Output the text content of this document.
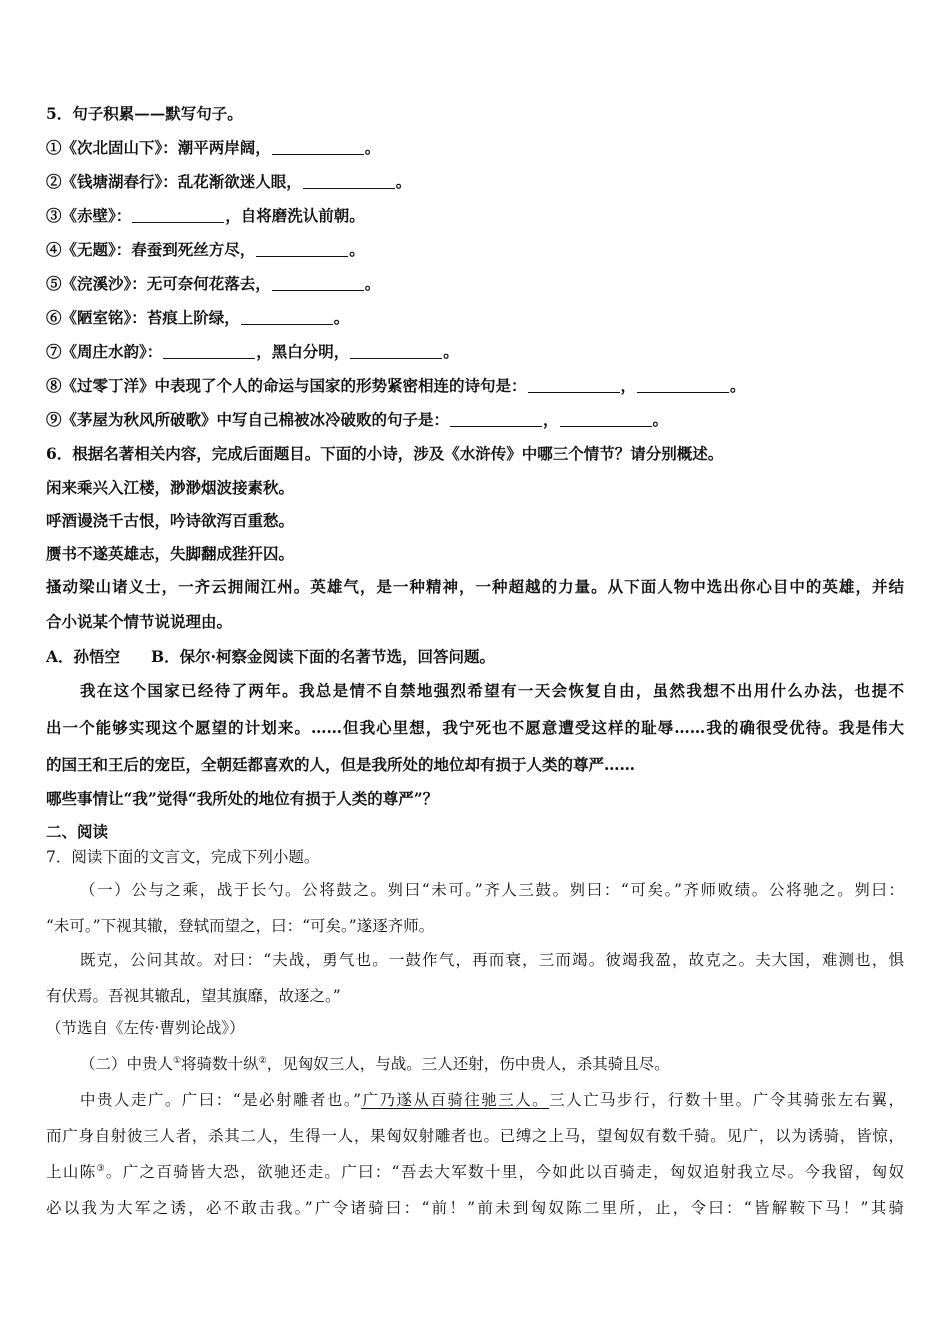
5．句子积累——默写句子。
①《次北固山下》：潮平两岸阔，	。
②《钱塘湖春行》：乱花渐欲迷人眼，	。
③《赤壁》：	，自将磨洗认前朝。
④《无题》：春蚕到死丝方尽，	。
⑤《浣溪沙》：无可奈何花落去，	。
⑥《陋室铭》：苔痕上阶绿，	。
⑦《周庄水韵》：	，黑白分明，	。
⑧《过零丁洋》中表现了个人的命运与国家的形势紧密相连的诗句是：	，	。
⑨《茅屋为秋风所破歌》中写自己棉被冰冷破败的句子是：	，	。
6．根据名著相关内容，完成后面题目。下面的小诗，涉及《水浒传》中哪三个情节？请分别概述。
闲来乘兴入江楼，渺渺烟波接素秋。
呼酒谩浇千古恨，吟诗欲泻百重愁。
赝书不遂英雄志，失脚翻成狴犴囚。
搔动梁山诸义士，一齐云拥闹江州。英雄气，是一种精神，一种超越的力量。从下面人物中选出你心目中的英雄，并结
合小说某个情节说说理由。
A．孙悟空　　B．保尔·柯察金阅读下面的名著节选，回答问题。
我在这个国家已经待了两年。我总是情不自禁地强烈希望有一天会恢复自由，虽然我想不出用什么办法，也提不
出一个能够实现这个愿望的计划来。……但我心里想，我宁死也不愿意遭受这样的耻辱……我的确很受优待。我是伟大
的国王和王后的宠臣，全朝廷都喜欢的人，但是我所处的地位却有损于人类的尊严……
哪些事情让“我”觉得“我所处的地位有损于人类的尊严”？
二、阅读
7．阅读下面的文言文，完成下列小题。
（一）公与之乘，战于长勺。公将鼓之。刿曰“未可。”齐人三鼓。刿曰：“可矣。”齐师败绩。公将驰之。刿曰：
“未可。”下视其辙，登轼而望之，曰：“可矣。”遂逐齐师。
既克，公问其故。对曰：“夫战，勇气也。一鼓作气，再而衰，三而竭。彼竭我盈，故克之。夫大国，难测也，惧
有伏焉。吾视其辙乱，望其旗靡，故逐之。”
（节选自《左传·曹刿论战》）
（二）中贵人①将骑数十纵②，见匈奴三人，与战。三人还射，伤中贵人，杀其骑且尽。
中贵人走广。广曰：“是必射雕者也。”广乃遂从百骑往驰三人。三人亡马步行，行数十里。广令其骑张左右翼，
而广身自射彼三人者，杀其二人，生得一人，果匈奴射雕者也。已缚之上马，望匈奴有数千骑。见广，以为诱骑，皆惊，
上山陈③。广之百骑皆大恐，欲驰还走。广曰：“吾去大军数十里，今如此以百骑走，匈奴追射我立尽。今我留，匈奴
必以我为大军之诱，必不敢击我。”广令诸骑曰：“前！”前未到匈奴陈二里所，止，令曰：“皆解鞍下马！”其骑
